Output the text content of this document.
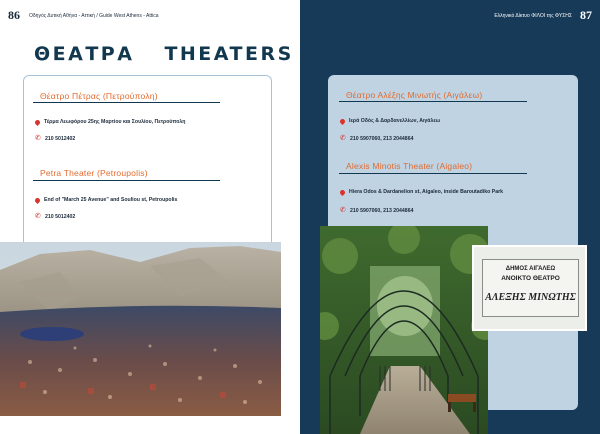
86 Οδηγός Δυτική Αθήνα - Αττική / Guide West Athens - Attica
ΘΕΑΤΡΑ THEATERS
Θέατρο Πέτρας (Πετρούπολη)
Τέρμα Λεωφόρου 25ης Μαρτίου και Σουλίου, Πετρούπολη
✆ 210 5012402
Petra Theater (Petroupolis)
End of "March 25 Avenue" and Souliou st, Petroupolis
✆ 210 5012402
Ελληνικό Δίκτυο ΦΙΛΟΙ της ΦΥΣΗΣ 87
Θέατρο Αλέξης Μινωτής (Αιγάλεω)
Ιερά Οδός & Δαρδανελλίων, Αιγάλεω
✆ 210 5907060, 213 2044864
Alexis Minotis Theater (Aigaleo)
Hiera Odos & Dardanelion st, Aigaleo, inside Baroutadiko Park
✆ 210 5907060, 213 2044864
ΔΗΜΟΣ ΑΙΓΑΛΕΩ
ΑΝΟΙΚΤΟ ΘΕΑΤΡΟ
ΑΛΕΞΗΣ ΜΙΝΩΤΗΣ
